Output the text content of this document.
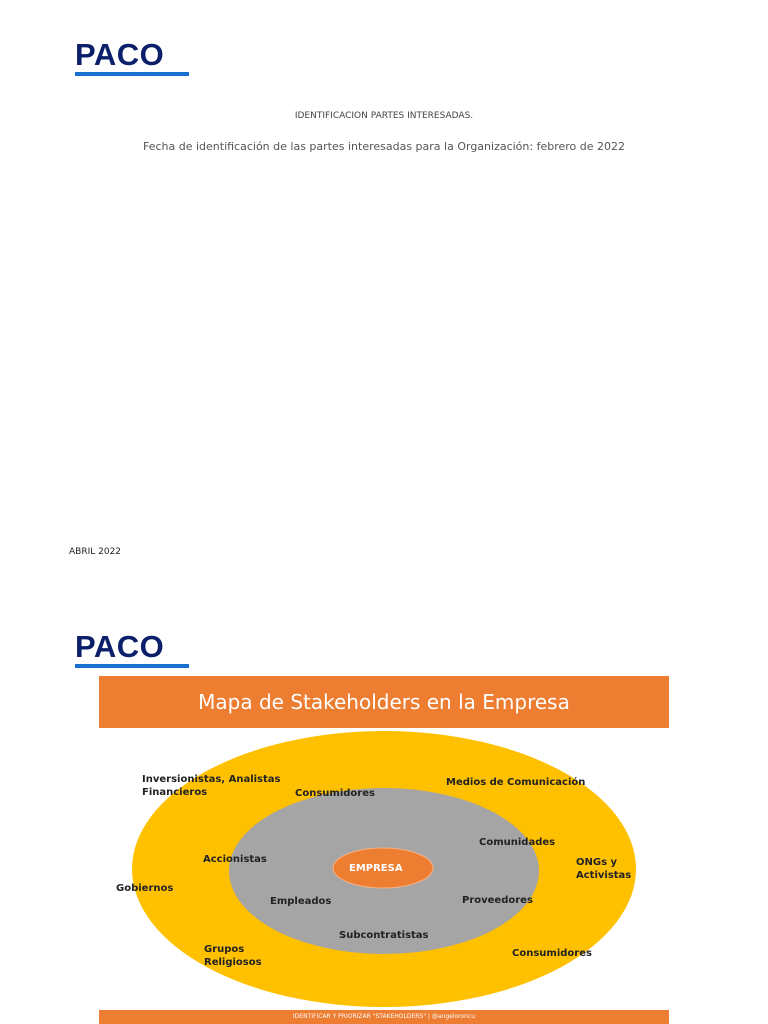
PACO
IDENTIFICACION PARTES INTERESADAS.
Fecha de identificación de las partes interesadas para la Organización: febrero de 2022
ABRIL 2022
PACO
Mapa de Stakeholders en la Empresa
EMPRESA
Inversionistas, Analistas
Financieros
Medios de Comunicación
ONGs y
Activistas
Gobiernos
Grupos
Religiosos
Consumidores
Consumidores
Comunidades
Accionistas
Empleados	Proveedores
Subcontratistas
IDENTIFICAR Y PRIORIZAR "STAKEHOLDERS" | @angeloroncu
